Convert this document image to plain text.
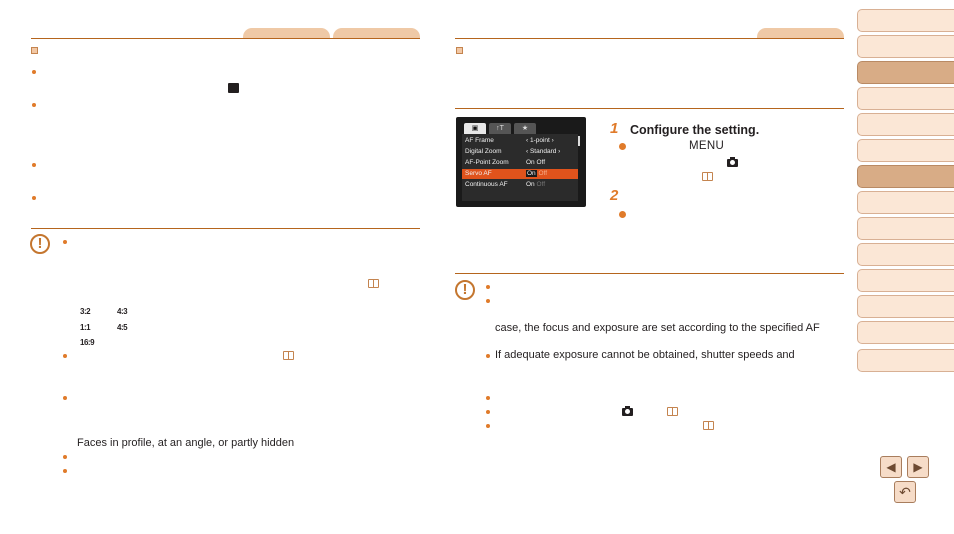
!
3:2	4:3
1:1	4:5
16:9
Faces in profile, at an angle, or partly hidden
▣	↑T	★
AF Frame	‹ 1-point ›
Digital Zoom	‹ Standard ›
AF-Point Zoom	On Off
Servo AF	On Off
Continuous AF	On Off
1 Configure the setting.
MENU
2
!
case, the focus and exposure are set according to the specified AF
If adequate exposure cannot be obtained, shutter speeds and
◀	▶
↶
